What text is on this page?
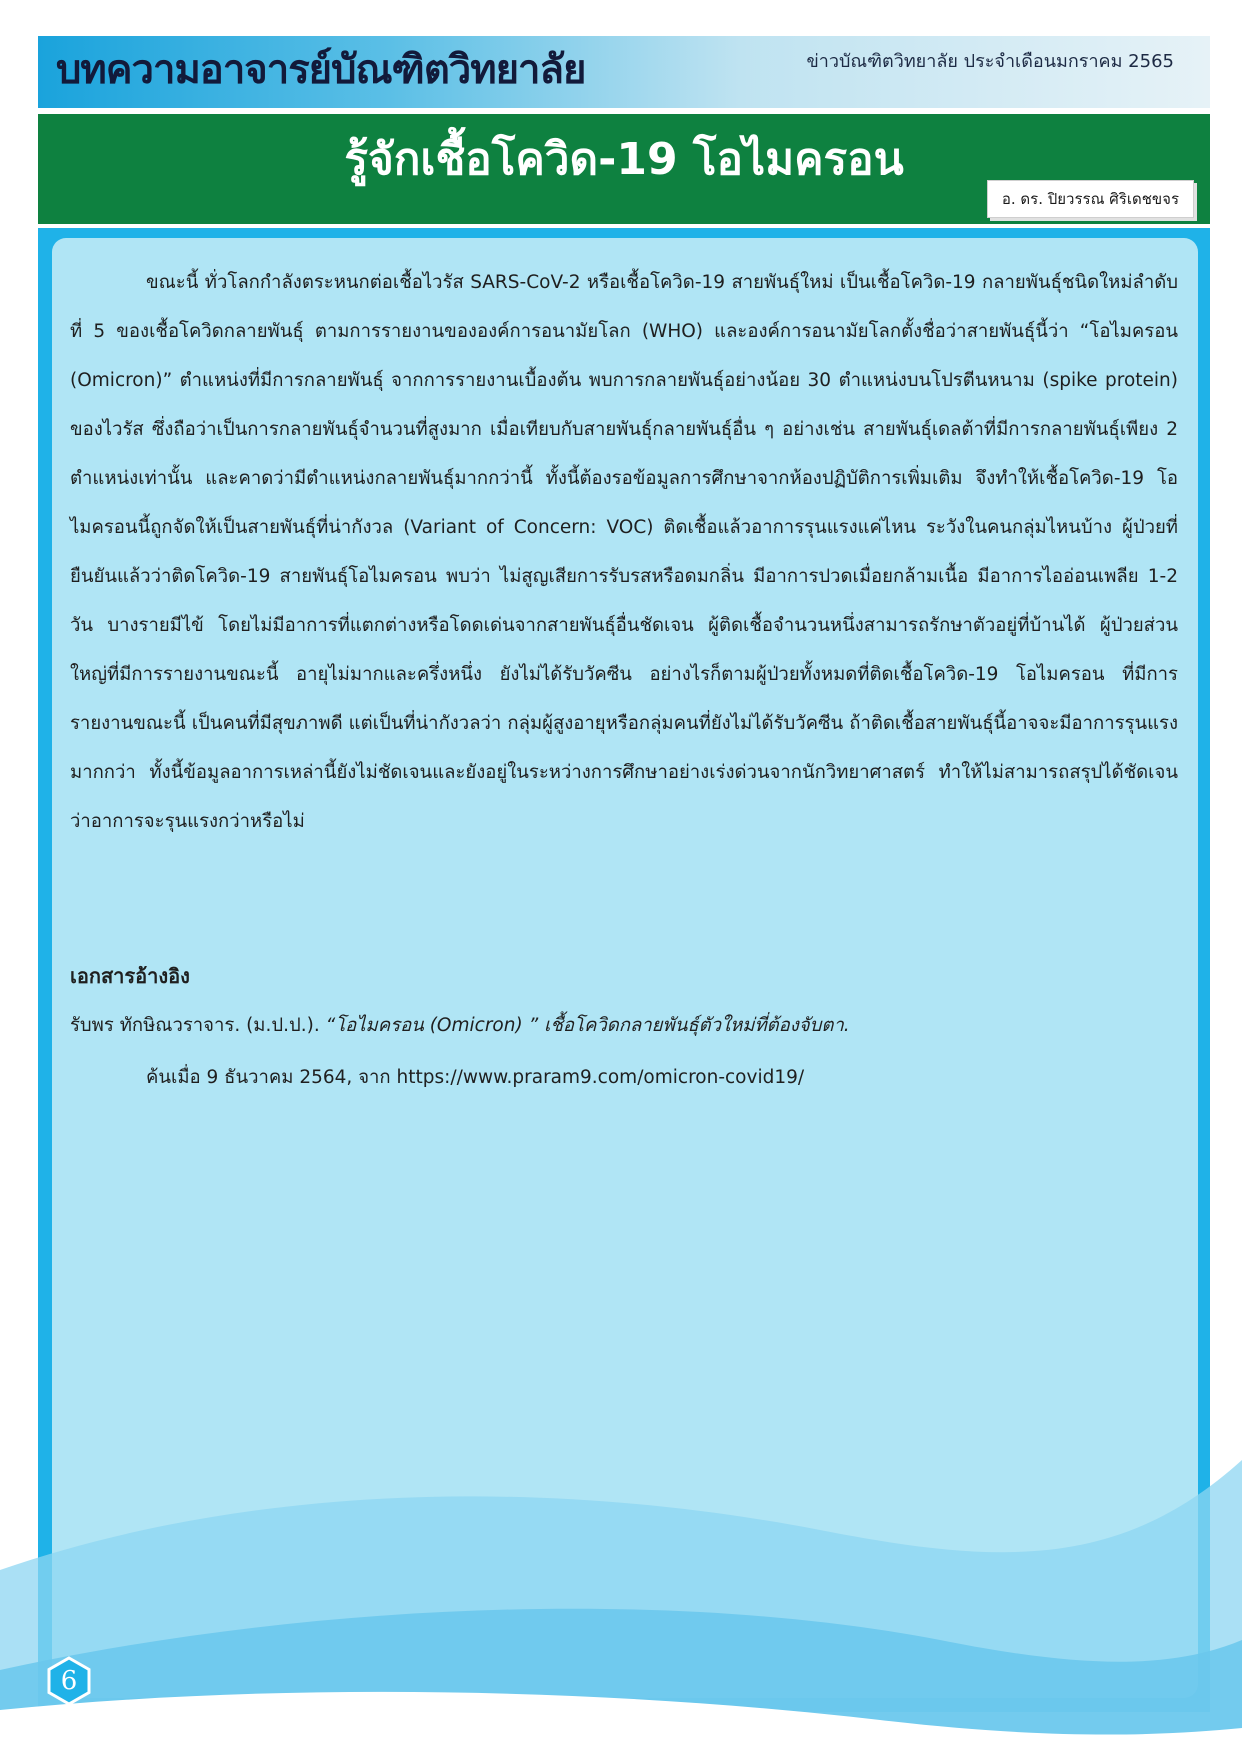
บทความอาจารย์บัณฑิตวิทยาลัย	ข่าวบัณฑิตวิทยาลัย ประจำเดือนมกราคม 2565
รู้จักเชื้อโควิด-19 โอไมครอน
อ. ดร. ปิยวรรณ ศิริเดชขจร

ขณะนี้ ทั่วโลกกำลังตระหนกต่อเชื้อไวรัส SARS-CoV-2 หรือเชื้อโควิด-19 สายพันธุ์ใหม่ เป็นเชื้อโควิด-19 กลายพันธุ์ชนิดใหม่ลำดับที่ 5 ของเชื้อโควิดกลายพันธุ์ ตามการรายงานขององค์การอนามัยโลก (WHO) และองค์การอนามัยโลกตั้งชื่อว่าสายพันธุ์นี้ว่า “โอไมครอน (Omicron)” ตำแหน่งที่มีการกลายพันธุ์ จากการรายงานเบื้องต้น พบการกลายพันธุ์อย่างน้อย 30 ตำแหน่งบนโปรตีนหนาม (spike protein) ของไวรัส ซึ่งถือว่าเป็นการกลายพันธุ์จำนวนที่สูงมาก เมื่อเทียบกับสายพันธุ์กลายพันธุ์อื่น ๆ อย่างเช่น สายพันธุ์เดลต้าที่มีการกลายพันธุ์เพียง 2 ตำแหน่งเท่านั้น และคาดว่ามีตำแหน่งกลายพันธุ์มากกว่านี้ ทั้งนี้ต้องรอข้อมูลการศึกษาจากห้องปฏิบัติการเพิ่มเติม จึงทำให้เชื้อโควิด-19 โอไมครอนนี้ถูกจัดให้เป็นสายพันธุ์ที่น่ากังวล (Variant of Concern: VOC) ติดเชื้อแล้วอาการรุนแรงแค่ไหน ระวังในคนกลุ่มไหนบ้าง ผู้ป่วยที่ยืนยันแล้วว่าติดโควิด-19 สายพันธุ์โอไมครอน พบว่า ไม่สูญเสียการรับรสหรือดมกลิ่น มีอาการปวดเมื่อยกล้ามเนื้อ มีอาการไออ่อนเพลีย 1-2 วัน บางรายมีไข้ โดยไม่มีอาการที่แตกต่างหรือโดดเด่นจากสายพันธุ์อื่นชัดเจน ผู้ติดเชื้อจำนวนหนึ่งสามารถรักษาตัวอยู่ที่บ้านได้ ผู้ป่วยส่วนใหญ่ที่มีการรายงานขณะนี้ อายุไม่มากและครึ่งหนึ่ง ยังไม่ได้รับวัคซีน อย่างไรก็ตามผู้ป่วยทั้งหมดที่ติดเชื้อโควิด-19 โอไมครอน ที่มีการรายงานขณะนี้ เป็นคนที่มีสุขภาพดี แต่เป็นที่น่ากังวลว่า กลุ่มผู้สูงอายุหรือกลุ่มคนที่ยังไม่ได้รับวัคซีน ถ้าติดเชื้อสายพันธุ์นี้อาจจะมีอาการรุนแรงมากกว่า ทั้งนี้ข้อมูลอาการเหล่านี้ยังไม่ชัดเจนและยังอยู่ในระหว่างการศึกษาอย่างเร่งด่วนจากนักวิทยาศาสตร์ ทำให้ไม่สามารถสรุปได้ชัดเจนว่าอาการจะรุนแรงกว่าหรือไม่

เอกสารอ้างอิง
รับพร ทักษิณวราจาร. (ม.ป.ป.). “โอไมครอน (Omicron) ” เชื้อโควิดกลายพันธุ์ตัวใหม่ที่ต้องจับตา.
ค้นเมื่อ 9 ธันวาคม 2564, จาก https://www.praram9.com/omicron-covid19/
6
